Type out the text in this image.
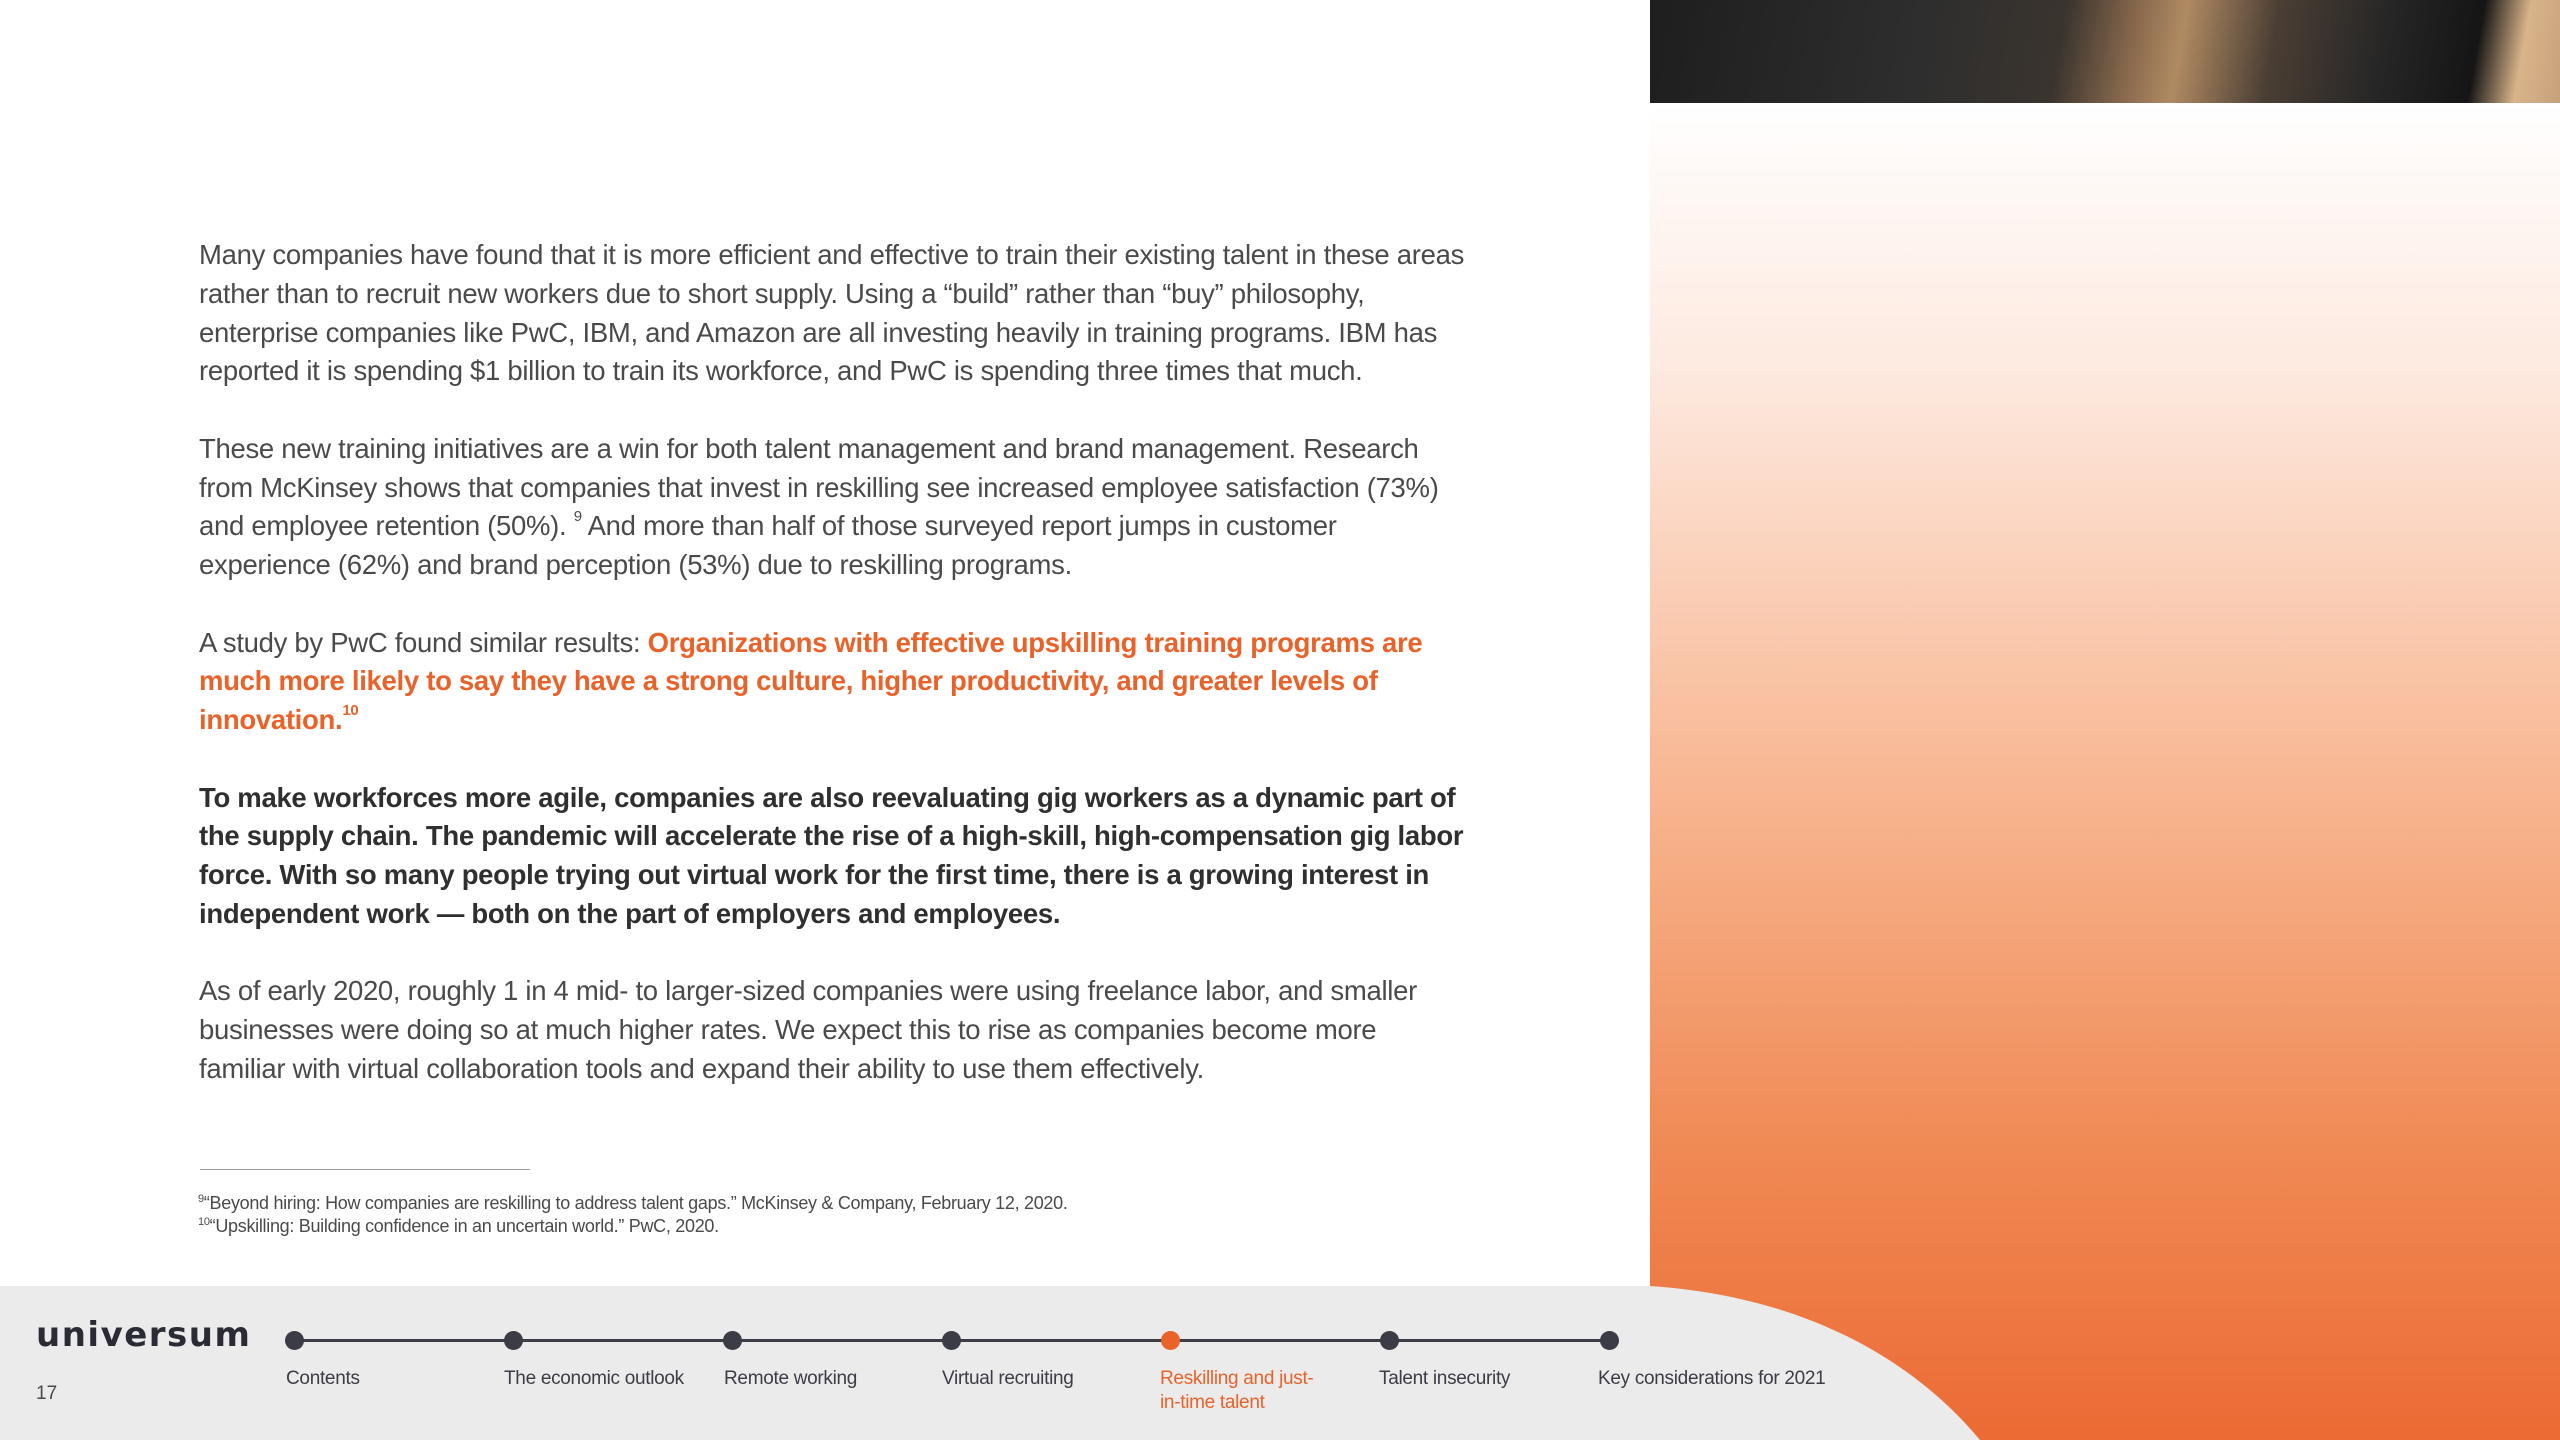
Many companies have found that it is more efficient and effective to train their existing talent in these areas rather than to recruit new workers due to short supply. Using a “build” rather than “buy” philosophy, enterprise companies like PwC, IBM, and Amazon are all investing heavily in training programs. IBM has reported it is spending $1 billion to train its workforce, and PwC is spending three times that much.

These new training initiatives are a win for both talent management and brand management. Research from McKinsey shows that companies that invest in reskilling see increased employee satisfaction (73%) and employee retention (50%). $^9$ And more than half of those surveyed report jumps in customer experience (62%) and brand perception (53%) due to reskilling programs.

A study by PwC found similar results: Organizations with effective upskilling training programs are much more likely to say they have a strong culture, higher productivity, and greater levels of innovation.$^{10}$

To make workforces more agile, companies are also reevaluating gig workers as a dynamic part of the supply chain. The pandemic will accelerate the rise of a high-skill, high-compensation gig labor force. With so many people trying out virtual work for the first time, there is a growing interest in independent work — both on the part of employers and employees.

As of early 2020, roughly 1 in 4 mid- to larger-sized companies were using freelance labor, and smaller businesses were doing so at much higher rates. We expect this to rise as companies become more familiar with virtual collaboration tools and expand their ability to use them effectively.

$^9$“Beyond hiring: How companies are reskilling to address talent gaps.” McKinsey & Company, February 12, 2020.
$^{10}$“Upskilling: Building confidence in an uncertain world.” PwC, 2020.
universum
17
Contents	The economic outlook	Remote working	Virtual recruiting	Reskilling and just-in-time talent
Talent insecurity	Key considerations for 2021
